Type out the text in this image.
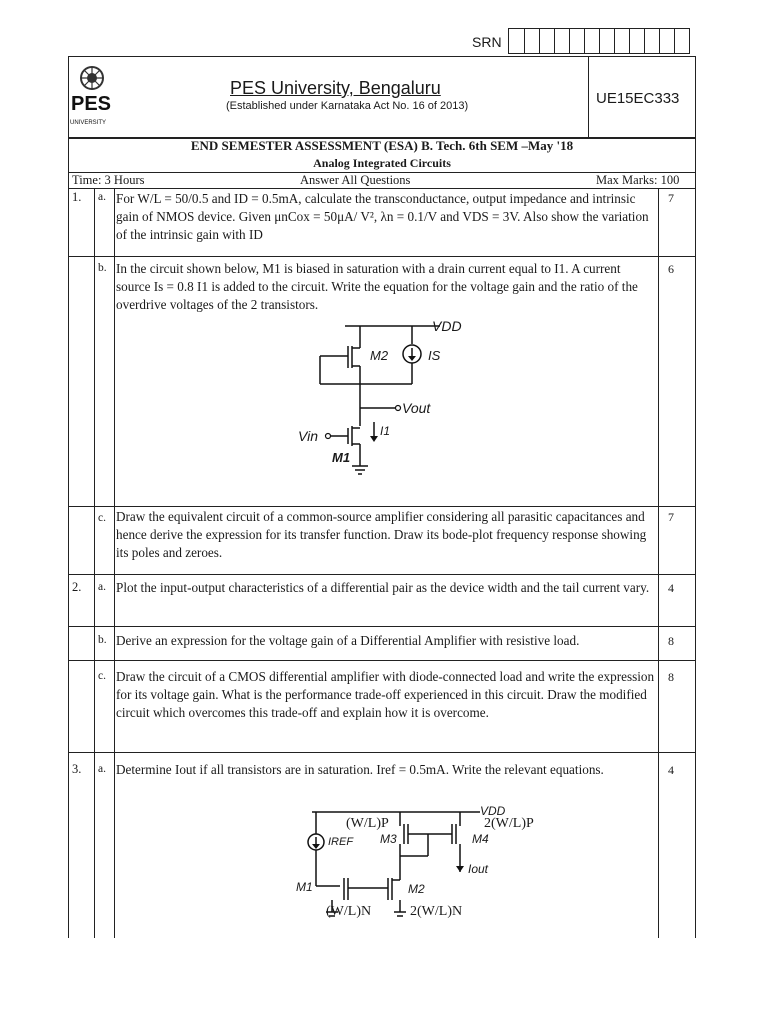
SRN
PES
UNIVERSITY
PES University, Bengaluru
(Established under Karnataka Act No. 16 of 2013)	UE15EC333
END SEMESTER ASSESSMENT (ESA) B. Tech. 6th SEM –May '18
Analog Integrated Circuits
Time: 3 Hours	Answer All Questions	Max Marks: 100
1. a. For W/L = 50/0.5 and ID = 0.5mA, calculate the transconductance, output impedance and intrinsic gain of NMOS device. Given μnCox = 50μA/ V², λn = 0.1/V and VDS = 3V. Also show the variation of the intrinsic gain with ID
7
b. In the circuit shown below, M1 is biased in saturation with a drain current equal to I1. A current source Is = 0.8 I1 is added to the circuit. Write the equation for the voltage gain and the ratio of the overdrive voltages of the 2 transistors.
6
VDD
M2	IS
Vout
Vin	I1
M1
c. Draw the equivalent circuit of a common-source amplifier considering all parasitic capacitances and hence derive the expression for its transfer function. Draw its bode-plot frequency response showing its poles and zeroes.
7
2. a. Plot the input-output characteristics of a differential pair as the device width and the tail current vary.	4
b. Derive an expression for the voltage gain of a Differential Amplifier with resistive load.	8
c. Draw the circuit of a CMOS differential amplifier with diode-connected load and write the expression for its voltage gain. What is the performance trade-off experienced in this circuit. Draw the modified circuit which overcomes this trade-off and explain how it is overcome.
8
3. a. Determine Iout if all transistors are in saturation. Iref = 0.5mA. Write the relevant equations.	4
VDD
IREF M3	M4
Iout
M1	M2
(W/L)P	2(W/L)P
(W/L)N	2(W/L)N
